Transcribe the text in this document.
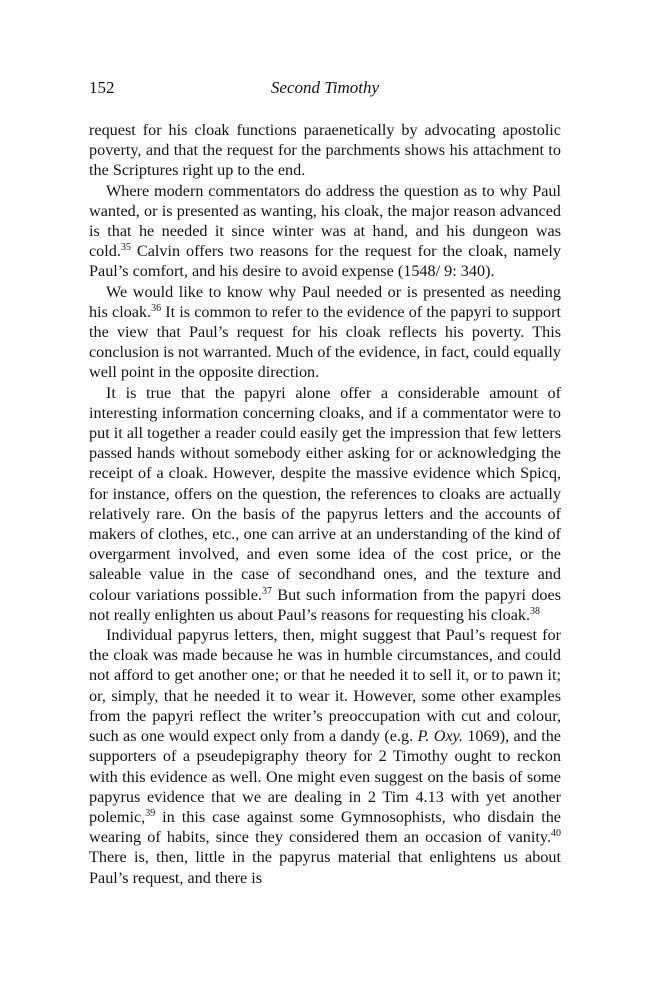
152	Second Timothy

request for his cloak functions paraenetically by advocating apostolic poverty, and that the request for the parchments shows his attachment to the Scriptures right up to the end.

Where modern commentators do address the question as to why Paul wanted, or is presented as wanting, his cloak, the major reason advanced is that he needed it since winter was at hand, and his dungeon was cold.$^{35}$ Calvin offers two reasons for the request for the cloak, namely Paul’s comfort, and his desire to avoid expense (1548/ 9: 340).

We would like to know why Paul needed or is presented as needing his cloak.$^{36}$ It is common to refer to the evidence of the papyri to support the view that Paul’s request for his cloak reflects his poverty. This conclusion is not warranted. Much of the evidence, in fact, could equally well point in the opposite direction.

It is true that the papyri alone offer a considerable amount of interesting information concerning cloaks, and if a commentator were to put it all together a reader could easily get the impression that few letters passed hands without somebody either asking for or acknowledging the receipt of a cloak. However, despite the massive evidence which Spicq, for instance, offers on the question, the references to cloaks are actually relatively rare. On the basis of the papyrus letters and the accounts of makers of clothes, etc., one can arrive at an understanding of the kind of overgarment involved, and even some idea of the cost price, or the saleable value in the case of secondhand ones, and the texture and colour variations possible.$^{37}$ But such information from the papyri does not really enlighten us about Paul’s reasons for requesting his cloak.$^{38}$

Individual papyrus letters, then, might suggest that Paul’s request for the cloak was made because he was in humble circumstances, and could not afford to get another one; or that he needed it to sell it, or to pawn it; or, simply, that he needed it to wear it. However, some other examples from the papyri reflect the writer’s preoccupation with cut and colour, such as one would expect only from a dandy (e.g. P. Oxy. 1069), and the supporters of a pseudepigraphy theory for 2 Timothy ought to reckon with this evidence as well. One might even suggest on the basis of some papyrus evidence that we are dealing in 2 Tim 4.13 with yet another polemic,$^{39}$ in this case against some Gymnosophists, who disdain the wearing of habits, since they considered them an occasion of vanity.$^{40}$ There is, then, little in the papyrus material that enlightens us about Paul’s request, and there is
